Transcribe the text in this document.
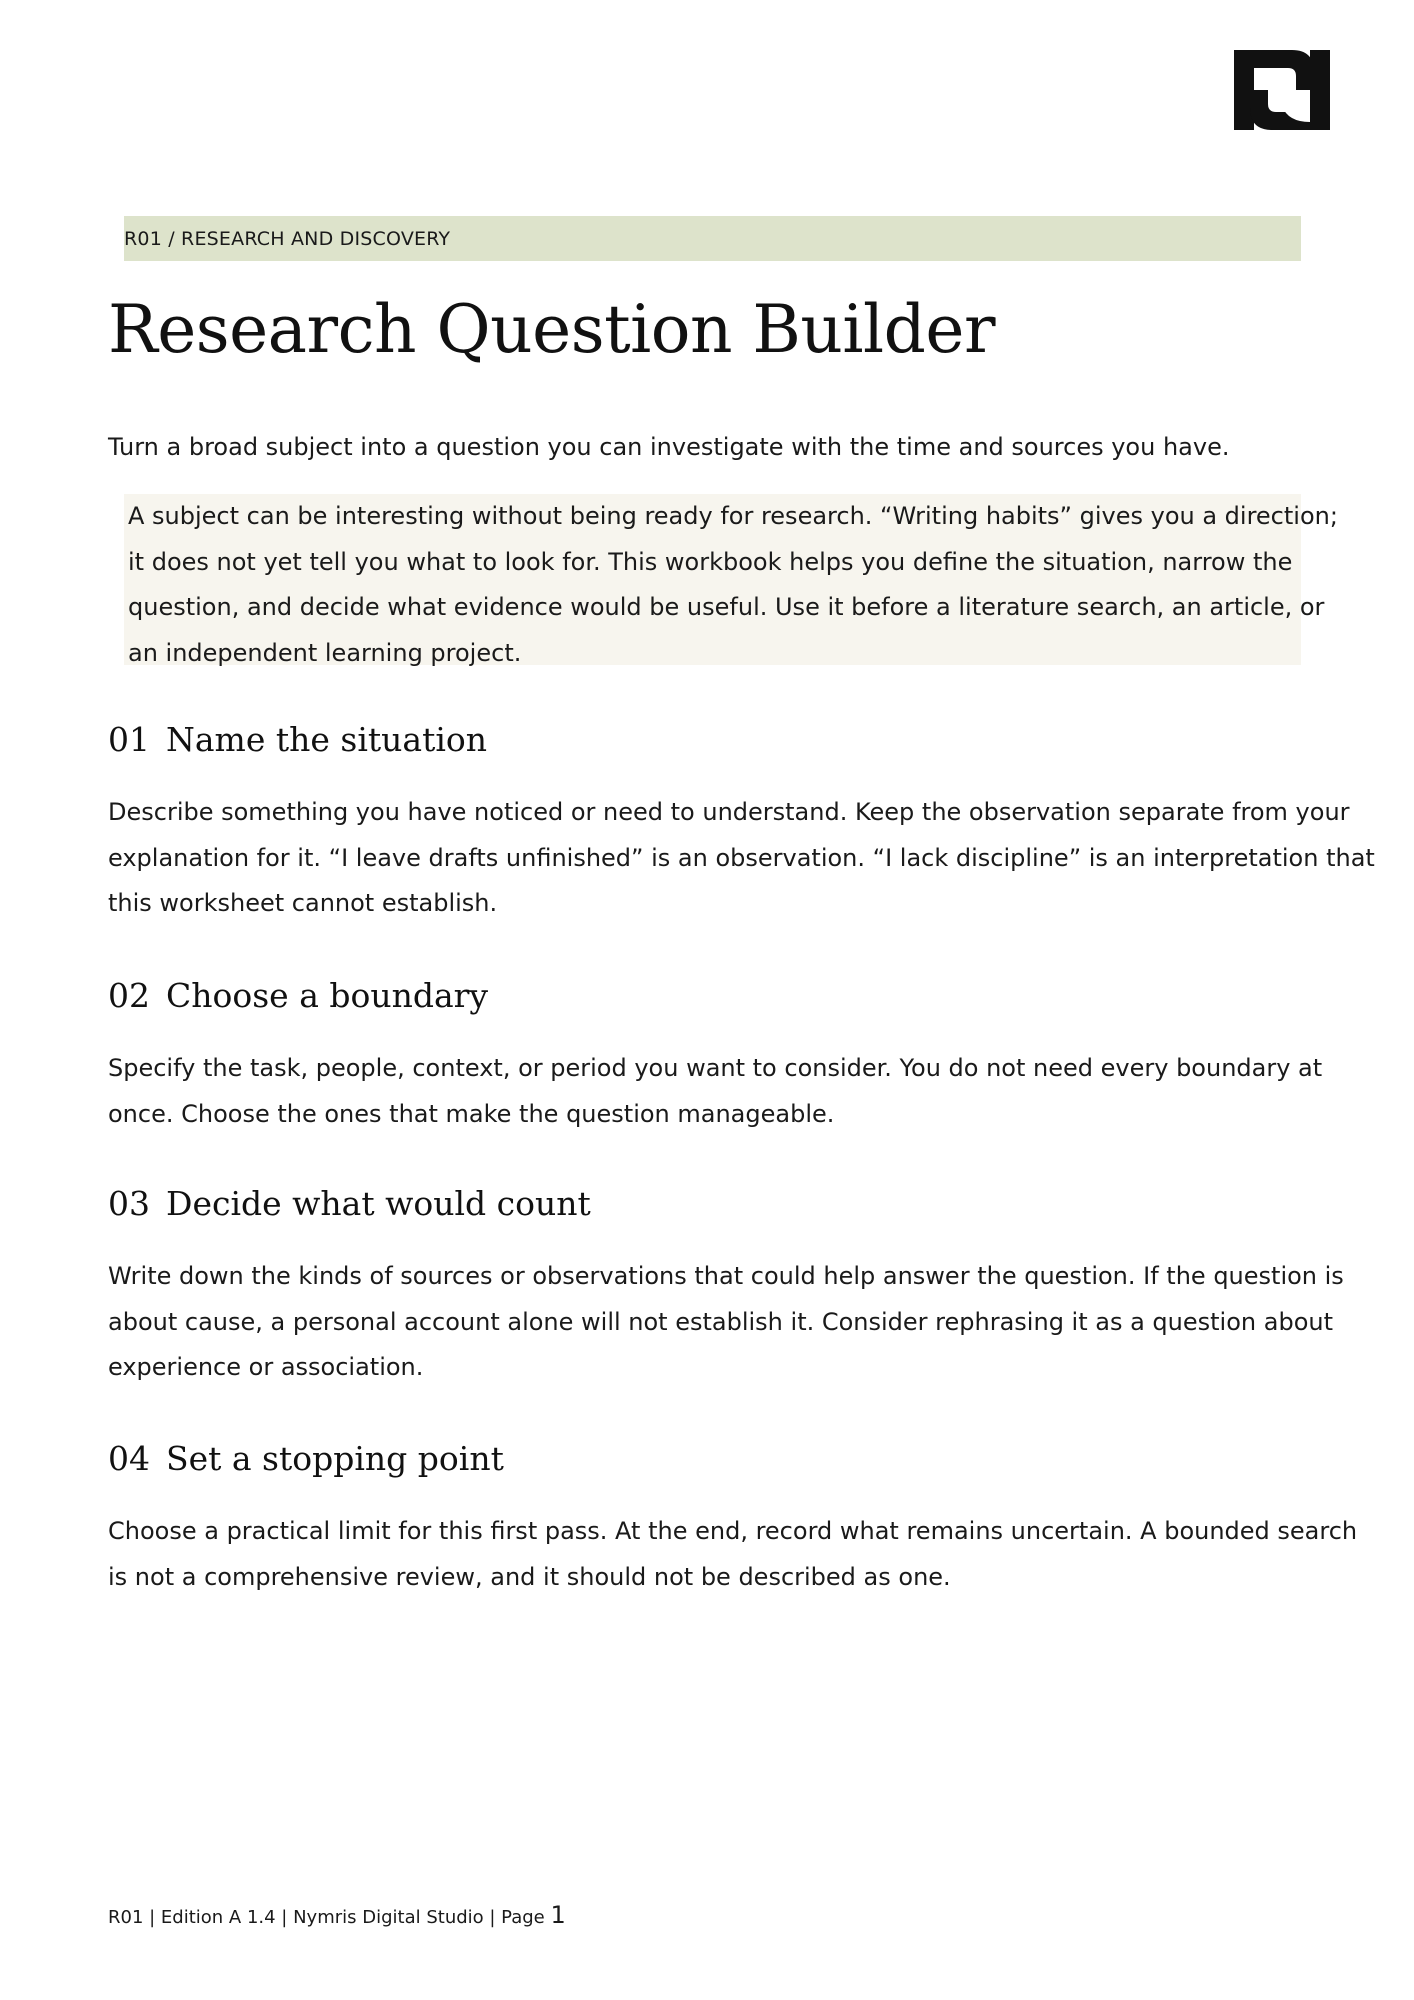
R01 / RESEARCH AND DISCOVERY
Research Question Builder

Turn a broad subject into a question you can investigate with the time and sources you have.

A subject can be interesting without being ready for research. “Writing habits” gives you a direction;

it does not yet tell you what to look for. This workbook helps you define the situation, narrow the

question, and decide what evidence would be useful. Use it before a literature search, an article, or

an independent learning project.

01 Name the situation

Describe something you have noticed or need to understand. Keep the observation separate from your
explanation for it. “I leave drafts unfinished” is an observation. “I lack discipline” is an interpretation that
this worksheet cannot establish.

02 Choose a boundary

Specify the task, people, context, or period you want to consider. You do not need every boundary at
once. Choose the ones that make the question manageable.

03 Decide what would count

Write down the kinds of sources or observations that could help answer the question. If the question is
about cause, a personal account alone will not establish it. Consider rephrasing it as a question about
experience or association.

04 Set a stopping point

Choose a practical limit for this first pass. At the end, record what remains uncertain. A bounded search
is not a comprehensive review, and it should not be described as one.

R01 | Edition A 1.4 | Nymris Digital Studio | Page 1
